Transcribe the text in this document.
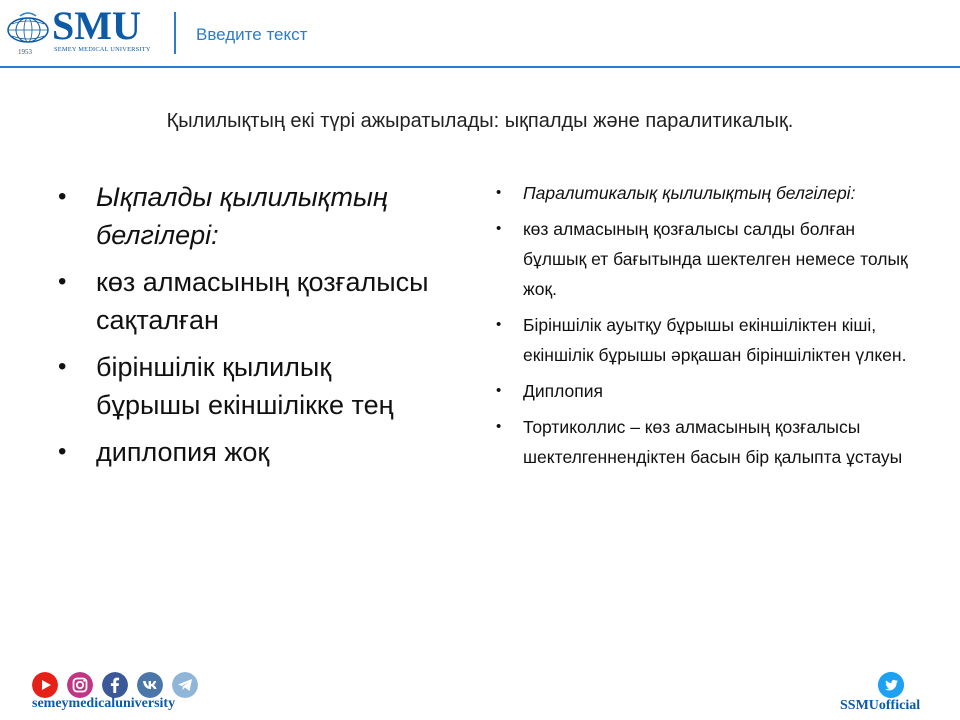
1953
SMU
SEMEY MEDICAL UNIVERSITY
Введите текст
Қылилықтың екі түрі ажыратылады: ықпалды және паралитикалық.
• Ықпалды қылилықтың белгілері:
• көз алмасының қозғалысы сақталған
• біріншілік қылилық бұрышы екіншілікке тең
• диплопия жоқ
• Паралитикалық қылилықтың белгілері:
• көз алмасының қозғалысы салды болған бұлшық ет бағытында шектелген немесе толық жоқ.
• Біріншілік ауытқу бұрышы екіншіліктен кіші, екіншілік бұрышы әрқашан біріншіліктен үлкен.
• Диплопия
• Тортиколлис – көз алмасының қозғалысы шектелгеннендіктен басын бір қалыпта ұстауы
semeymedicaluniversity	SSMUofficial
